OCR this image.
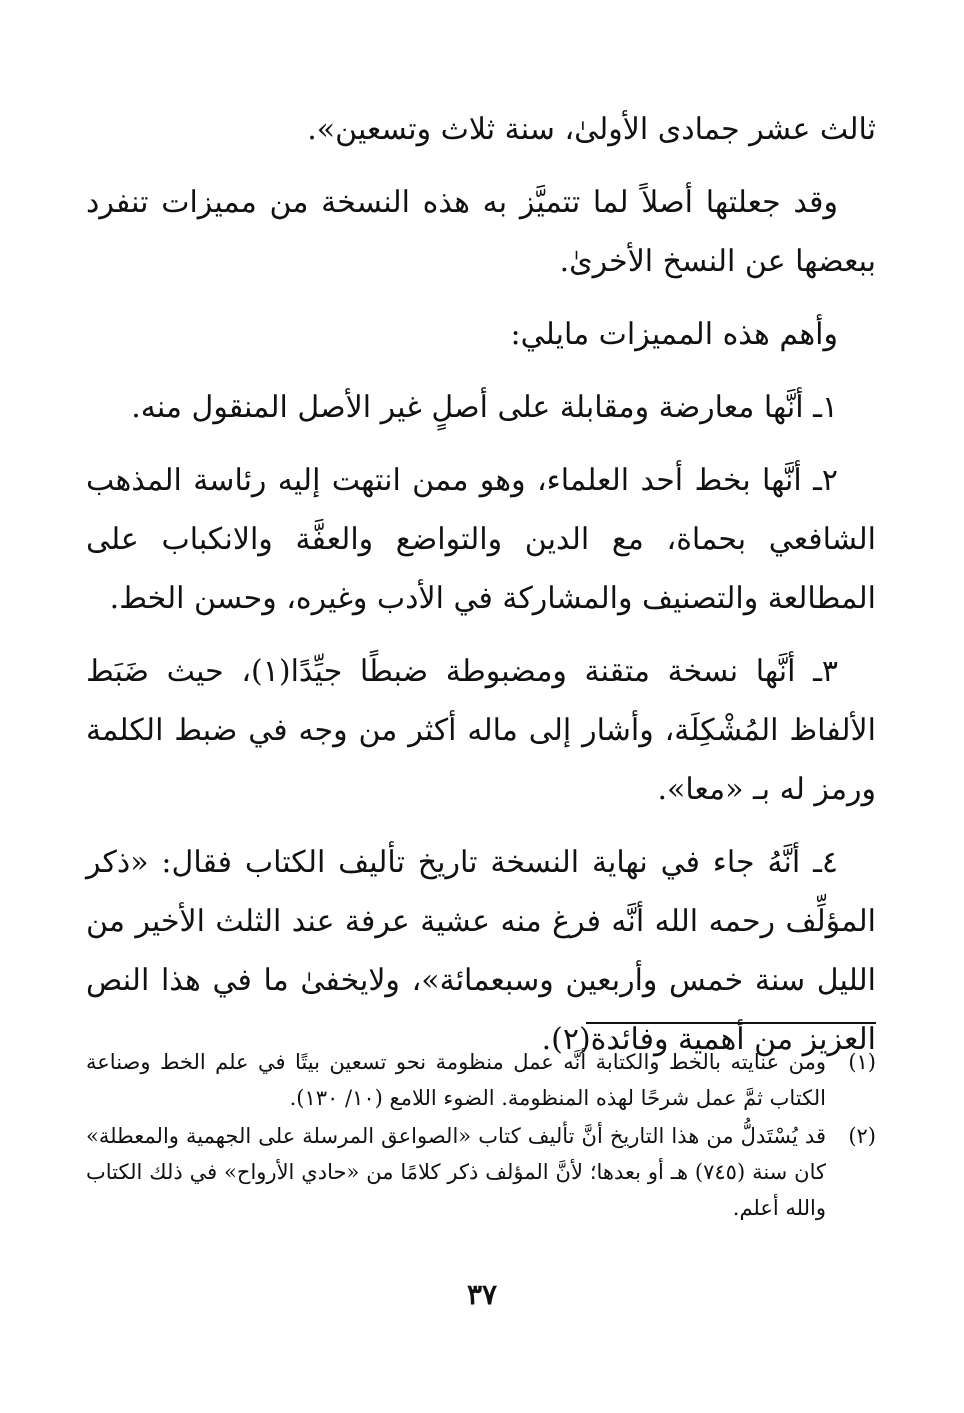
ثالث عشر جمادى الأولىٰ، سنة ثلاث وتسعين».

وقد جعلتها أصلاً لما تتميَّز به هذه النسخة من مميزات تنفرد ببعضها عن النسخ الأخرىٰ.

وأهم هذه المميزات مايلي:

١ـ أنَّها معارضة ومقابلة على أصلٍ غير الأصل المنقول منه.

٢ـ أنَّها بخط أحد العلماء، وهو ممن انتهت إليه رئاسة المذهب الشافعي بحماة، مع الدين والتواضع والعفَّة والانكباب على المطالعة والتصنيف والمشاركة في الأدب وغيره، وحسن الخط.

٣ـ أنَّها نسخة متقنة ومضبوطة ضبطًا جيِّدًا(١)، حيث ضَبَط الألفاظ المُشْكِلَة، وأشار إلى ماله أكثر من وجه في ضبط الكلمة ورمز له بـ «معا».

٤ـ أنَّهُ جاء في نهاية النسخة تاريخ تأليف الكتاب فقال: «ذكر المؤلِّف رحمه الله أنَّه فرغ منه عشية عرفة عند الثلث الأخير من الليل سنة خمس وأربعين وسبعمائة»، ولايخفىٰ ما في هذا النص العزيز من أهمية وفائدة(٢).

(١)
ومن عنايته بالخط والكتابة أنَّه عمل منظومة نحو تسعين بيتًا في علم الخط وصناعة الكتاب ثمَّ عمل شرحًا لهذه المنظومة. الضوء اللامع (١٠/ ١٣٠).
(٢)
قد يُسْتَدلُّ من هذا التاريخ أنَّ تأليف كتاب «الصواعق المرسلة على الجهمية والمعطلة» كان سنة (٧٤٥) هـ أو بعدها؛ لأنَّ المؤلف ذكر كلامًا من «حادي الأرواح» في ذلك الكتاب والله أعلم.
٣٧
